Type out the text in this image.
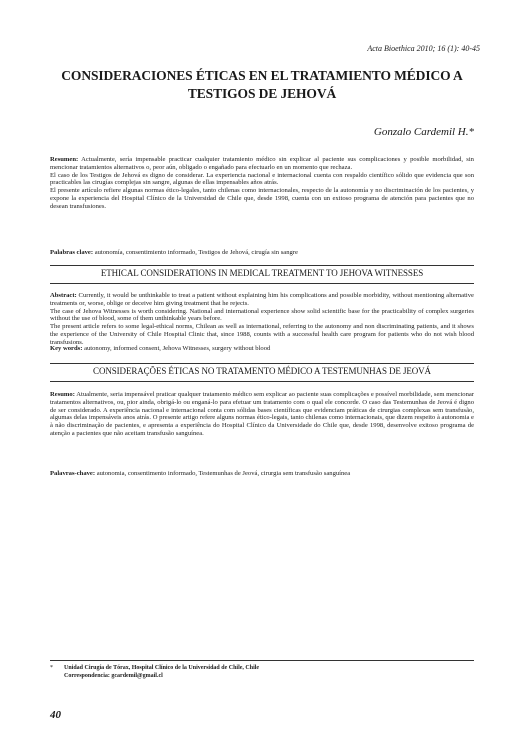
Acta Bioethica 2010; 16 (1): 40-45
CONSIDERACIONES ÉTICAS EN EL TRATAMIENTO MÉDICO A TESTIGOS DE JEHOVÁ
Gonzalo Cardemil H.*

Resumen: Actualmente, sería impensable practicar cualquier tratamiento médico sin explicar al paciente sus complicaciones y posible morbilidad, sin mencionar tratamientos alternativos o, peor aún, obligado o engañado para efectuarlo en un momento que rechaza.

El caso de los Testigos de Jehová es digno de considerar. La experiencia nacional e internacional cuenta con respaldo científico sólido que evidencia que son practicables las cirugías complejas sin sangre, algunas de ellas impensables años atrás.

El presente artículo refiere algunas normas ético-legales, tanto chilenas como internacionales, respecto de la autonomía y no discriminación de los pacientes, y expone la experiencia del Hospital Clínico de la Universidad de Chile que, desde 1998, cuenta con un exitoso programa de atención para pacientes que no desean transfusiones.

Palabras clave: autonomía, consentimiento informado, Testigos de Jehová, cirugía sin sangre
ETHICAL CONSIDERATIONS IN MEDICAL TREATMENT TO JEHOVA WITNESSES

Abstract: Currently, it would be unthinkable to treat a patient without explaining him his complications and possible morbidity, without mentioning alternative treatments or, worse, oblige or deceive him giving treatment that he rejects.

The case of Jehova Witnesses is worth considering. National and international experience show solid scientific base for the practicability of complex surgeries without the use of blood, some of them unthinkable years before.

The present article refers to some legal-ethical norms, Chilean as well as international, referring to the autonomy and non discriminating patients, and it shows the experience of the University of Chile Hospital Clinic that, since 1988, counts with a successful health care program for patients who do not wish blood transfusions.

Key words: autonomy, informed consent, Jehova Witnesses, surgery without blood
CONSIDERAÇÕES ÉTICAS NO TRATAMENTO MÉDICO A TESTEMUNHAS DE JEOVÁ

Resumo: Atualmente, seria impensável praticar qualquer tratamento médico sem explicar ao paciente suas complicações e possível morbilidade, sem mencionar tratamentos alternativos, ou, pior ainda, obrigá-lo ou enganá-lo para efetuar um tratamento com o qual ele concorde. O caso das Testemunhas de Jeová é digno de ser considerado. A experiência nacional e internacional conta com sólidas bases científicas que evidenciam práticas de cirurgias complexas sem transfusão, algumas delas impensáveis anos atrás. O presente artigo refere alguns normas ético-legais, tanto chilenas como internacionais, que dizem respeito à autonomia e à não discriminação de pacientes, e apresenta a experiência do Hospital Clínico da Universidade do Chile que, desde 1998, desenvolve exitoso programa de atenção a pacientes que não aceitam transfusão sanguínea.

Palavras-chave: autonomia, consentimento informado, Testemunhas de Jeová, cirurgia sem transfusão sanguínea
* Unidad Cirugía de Tórax, Hospital Clínico de la Universidad de Chile, Chile
Correspondencia: gcardemil@gmail.cl
40
